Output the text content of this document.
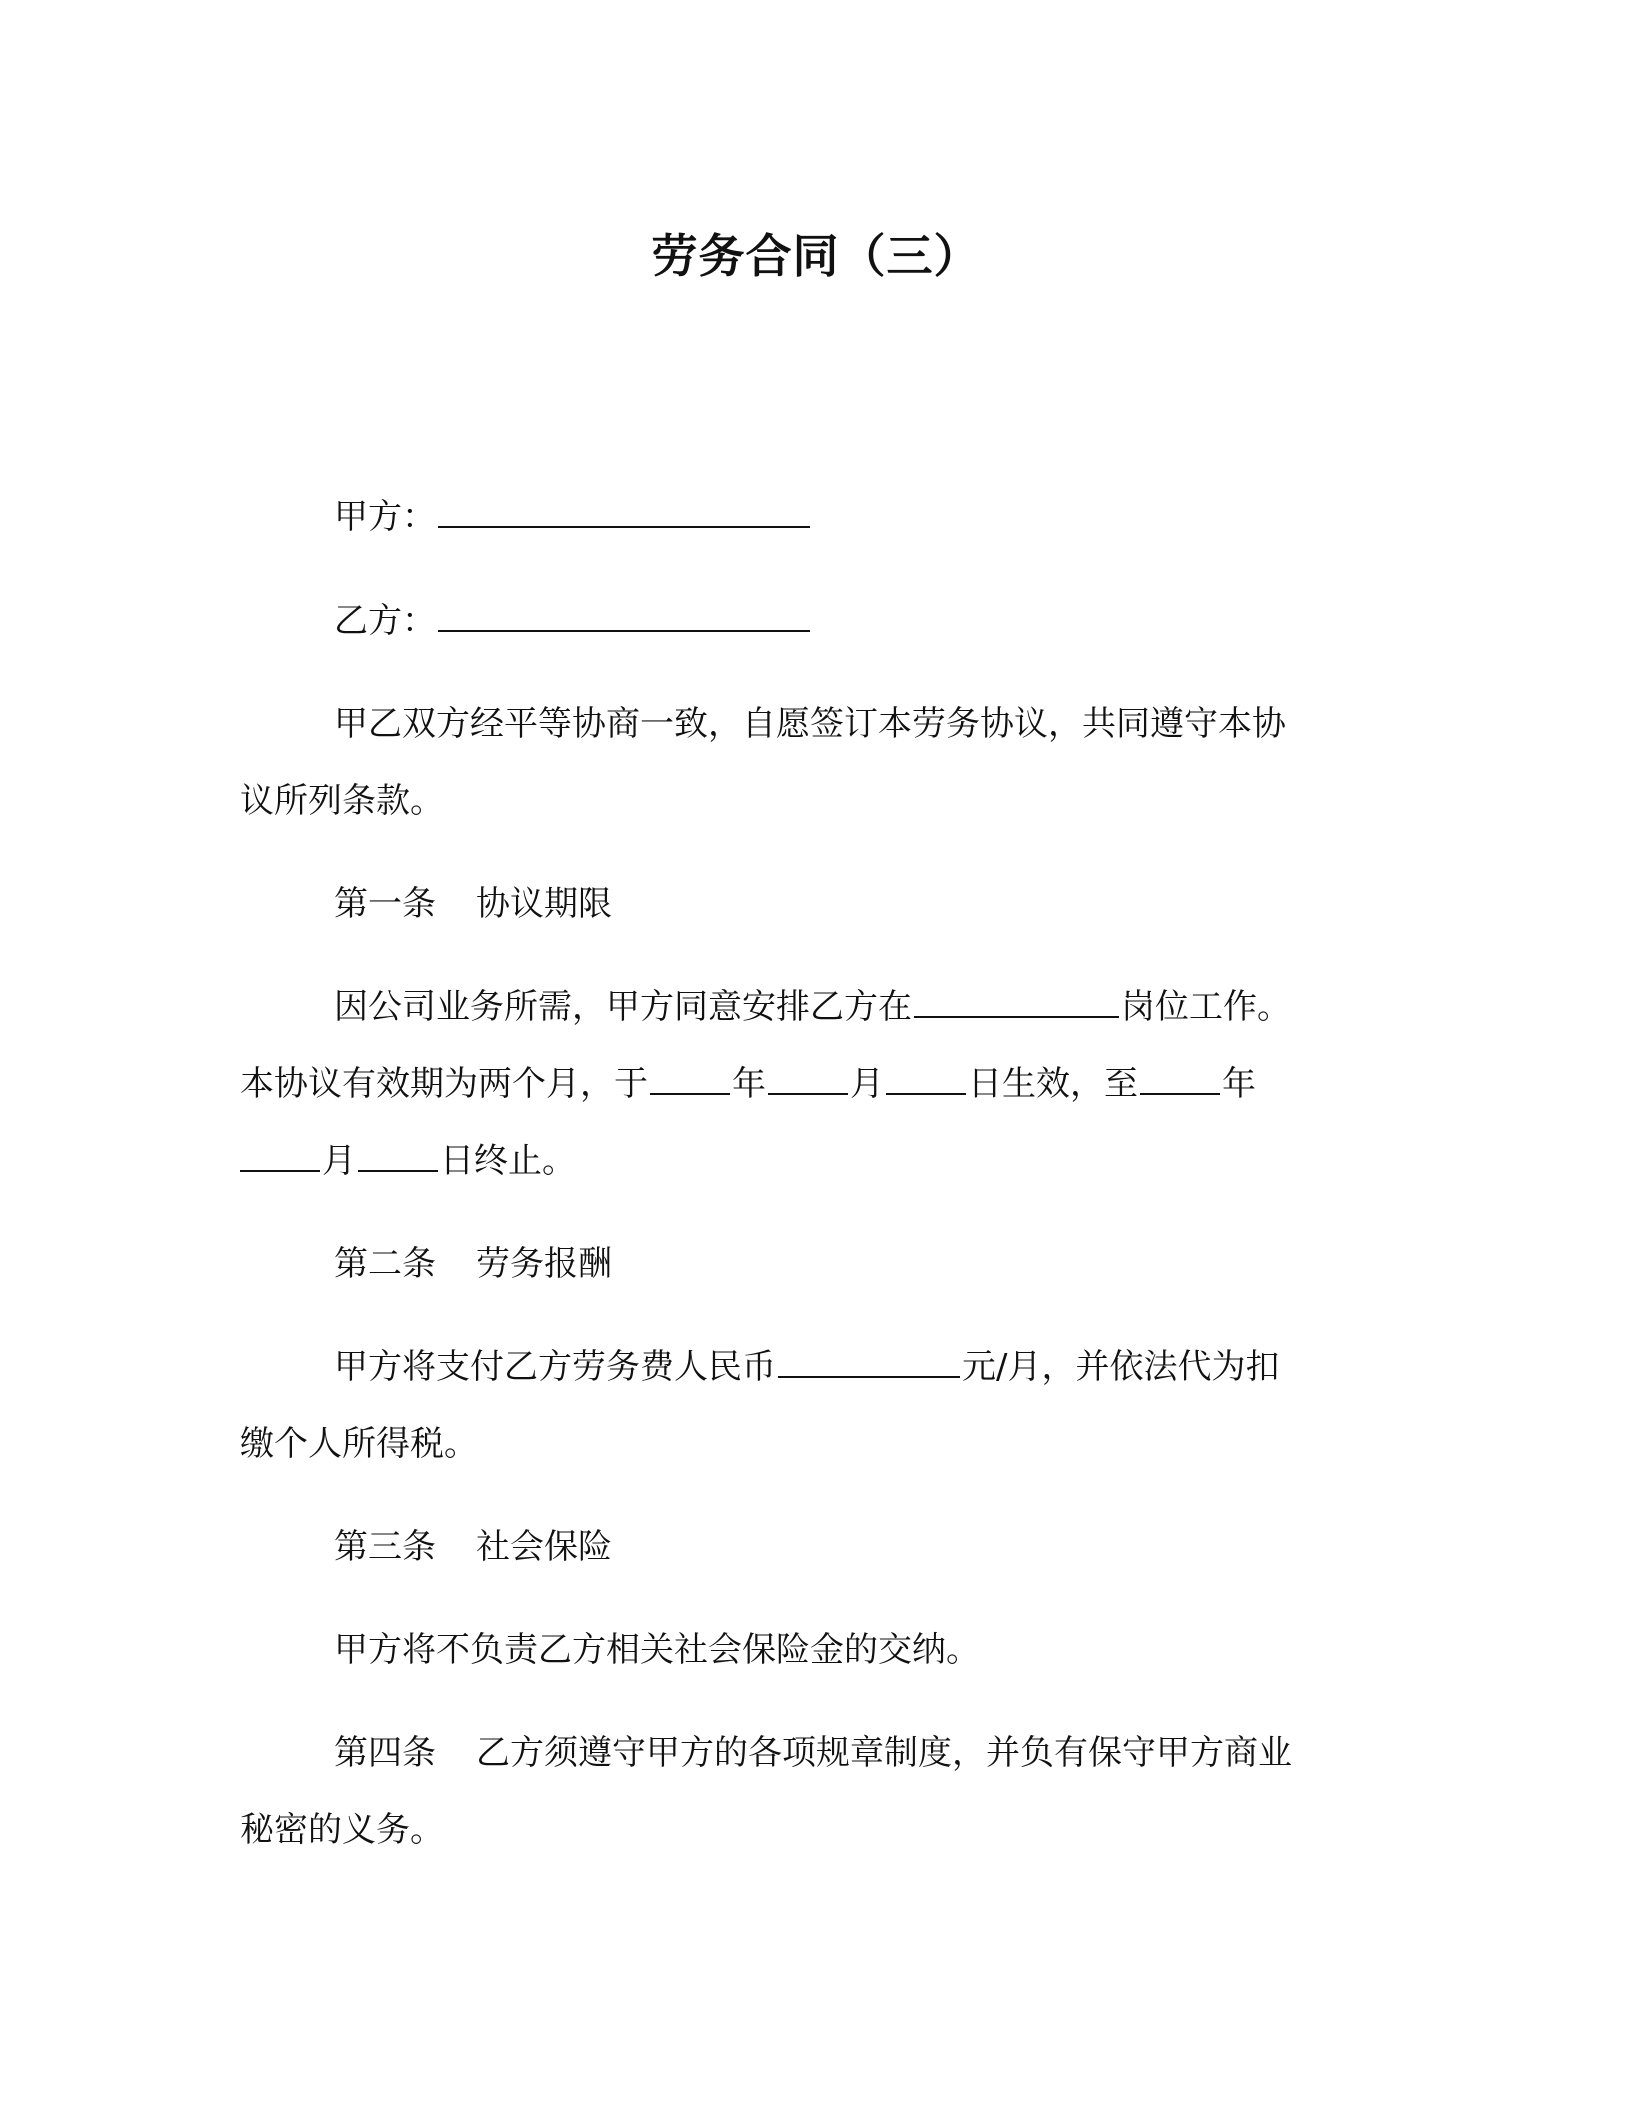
劳务合同（三）
甲方：
乙方：
甲乙双方经平等协商一致，自愿签订本劳务协议，共同遵守本协
议所列条款。
第一条 协议期限
因公司业务所需，甲方同意安排乙方在	岗位工作。
本协议有效期为两个月，于 年 月 日生效，至 年
月 日终止。
第二条 劳务报酬
甲方将支付乙方劳务费人民币	元/月，并依法代为扣
缴个人所得税。
第三条 社会保险
甲方将不负责乙方相关社会保险金的交纳。
第四条 乙方须遵守甲方的各项规章制度，并负有保守甲方商业
秘密的义务。
